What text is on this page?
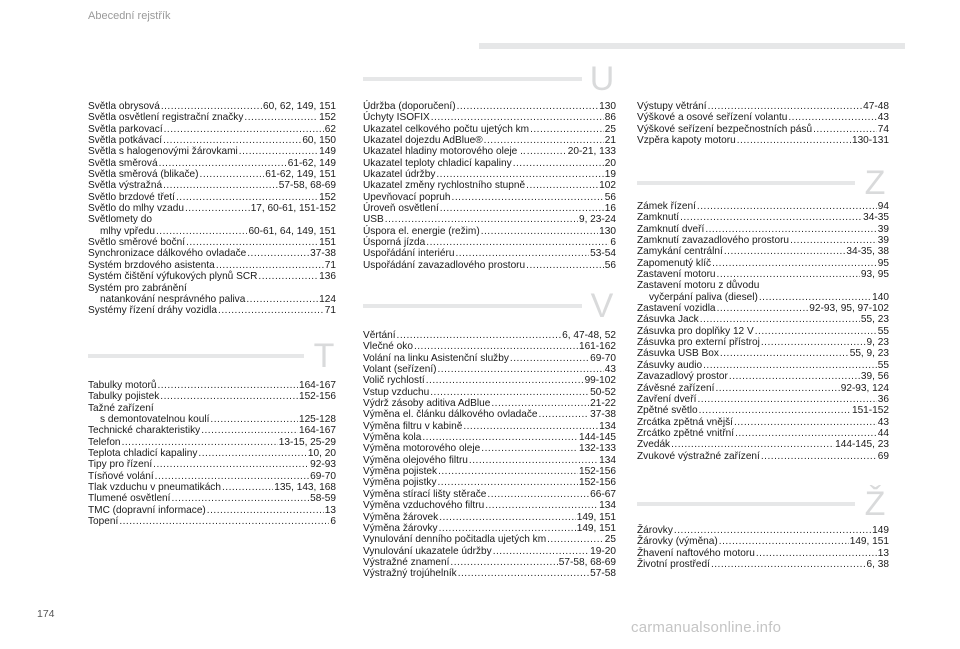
Abecední rejstřík
Světla obrysová .....	60, 62, 149, 151
Světla osvětlení registrační značky .....	152
Světla parkovací .....	62
Světla potkávací .....	60, 150
Světla s halogenovými žárovkami .....	149
Světla směrová .....	61-62, 149
Světla směrová (blikače) .....	61-62, 149, 151
Světla výstražná .....	57-58, 68-69
Světlo brzdové třetí .....	152
Světlo do mlhy vzadu .....	17, 60-61, 151-152
Světlomety do
mlhy vpředu .....	60-61, 64, 149, 151
Světlo směrové boční .....	151
Synchronizace dálkového ovladače .....	37-38
Systém brzdového asistenta .....	71
Systém čištění výfukových plynů SCR .....	136
Systém pro zabránění
natankování nesprávného paliva .....	124
Systémy řízení dráhy vozidla .....	71
T
Tabulky motorů .....	164-167
Tabulky pojistek .....	152-156
Tažné zařízení
s demontovatelnou koulí .....	125-128
Technické charakteristiky .....	164-167
Telefon .....	13-15, 25-29
Teplota chladicí kapaliny .....	10, 20
Tipy pro řízení .....	92-93
Tísňové volání .....	69-70
Tlak vzduchu v pneumatikách .....	135, 143, 168
Tlumené osvětlení .....	58-59
TMC (dopravní informace) .....	13
Topení .....	6
U
Údržba (doporučení) .....	130
Úchyty ISOFIX .....	86
Ukazatel celkového počtu ujetých km .....	25
Ukazatel dojezdu AdBlue® .....	21
Ukazatel hladiny motorového oleje .. .....	20-21, 133
Ukazatel teploty chladicí kapaliny .....	20
Ukazatel údržby .....	19
Ukazatel změny rychlostního stupně .....	102
Upevňovací popruh .....	56
Úroveň osvětlení .....	16
USB .....	9, 23-24
Úspora el. energie (režim) .....	130
Úsporná jízda .....	6
Uspořádání interiéru .....	53-54
Uspořádání zavazadlového prostoru .....	56
V
Věrtání .....	6, 47-48, 52
Vlečné oko .....	161-162
Volání na linku Asistenční služby .....	69-70
Volant (seřízení) .....	43
Volič rychlostí .....	99-102
Vstup vzduchu .....	50-52
Výdrž zásoby aditiva AdBlue .....	21-22
Výměna el. článku dálkového ovladače .....	37-38
Výměna filtru v kabině .....	134
Výměna kola .....	144-145
Výměna motorového oleje .....	132-133
Výměna olejového filtru .....	134
Výměna pojistek .....	152-156
Výměna pojistky .....	152-156
Výměna stírací lišty stěrače .....	66-67
Výměna vzduchového filtru .....	134
Výměna žárovek .....	149, 151
Výměna žárovky .....	149, 151
Vynulování denního počitadla ujetých km .....	25
Vynulování ukazatele údržby .....	19-20
Výstražné znamení .....	57-58, 68-69
Výstražný trojúhelník .....	57-58
Výstupy větrání .....	47-48
Výškové a osové seřízení volantu .....	43
Výškové seřízení bezpečnostních pásů .....	74
Vzpěra kapoty motoru .....	130-131
Z
Zámek řízení .....	94
Zamknutí .....	34-35
Zamknutí dveří .....	39
Zamknutí zavazadlového prostoru .....	39
Zamykání centrální .....	34-35, 38
Zapomenutý klíč .....	95
Zastavení motoru .....	93, 95
Zastavení motoru z důvodu
vyčerpání paliva (diesel) .....	140
Zastavení vozidla .....	92-93, 95, 97-102
Zásuvka Jack .....	55, 23
Zásuvka pro doplňky 12 V .....	55
Zásuvka pro externí přístroj .....	9, 23
Zásuvka USB Box .....	55, 9, 23
Zásuvky audio .....	55
Zavazadlový prostor .....	39, 56
Závěsné zařízení .....	92-93, 124
Zavření dveří .....	36
Zpětné světlo .....	151-152
Zrcátka zpětná vnější .....	43
Zrcátko zpětné vnitřní .....	44
Zvedák .....	144-145, 23
Zvukové výstražné zařízení .....	69
Ž
Žárovky .....	149
Žárovky (výměna) .....	149, 151
Žhavení naftového motoru .....	13
Životní prostředí .....	6, 38
174
carmanualsonline.info
